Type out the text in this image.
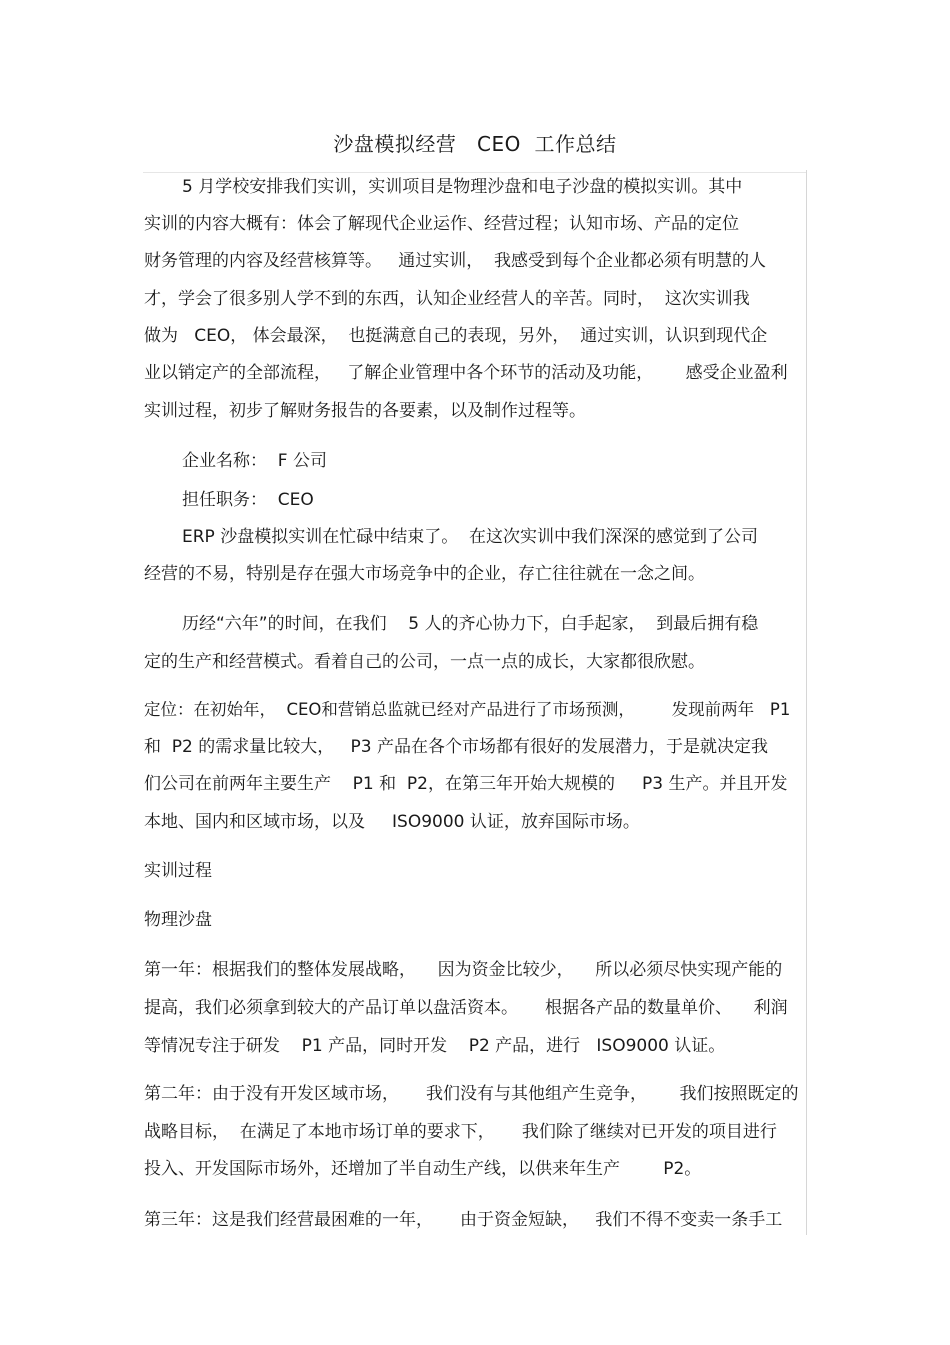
沙盘模拟经营   CEO  工作总结
5 月学校安排我们实训，实训项目是物理沙盘和电子沙盘的模拟实训。其中
实训的内容大概有：体会了解现代企业运作、经营过程；认知市场、产品的定位
财务管理的内容及经营核算等。   通过实训，  我感受到每个企业都必须有明慧的人
才，学会了很多别人学不到的东西，认知企业经营人的辛苦。同时，  这次实训我
做为   CEO， 体会最深，  也挺满意自己的表现，另外，  通过实训，认识到现代企
业以销定产的全部流程，   了解企业管理中各个环节的活动及功能，      感受企业盈利
实训过程，初步了解财务报告的各要素，以及制作过程等。
企业名称：  F 公司
担任职务：  CEO
ERP 沙盘模拟实训在忙碌中结束了。  在这次实训中我们深深的感觉到了公司
经营的不易，特别是存在强大市场竞争中的企业，存亡往往就在一念之间。
历经“六年”的时间，在我们    5 人的齐心协力下，白手起家，  到最后拥有稳
定的生产和经营模式。看着自己的公司，一点一点的成长，大家都很欣慰。
定位：在初始年，  CEO和营销总监就已经对产品进行了市场预测，       发现前两年   P1
和  P2 的需求量比较大，   P3 产品在各个市场都有很好的发展潜力，于是就决定我
们公司在前两年主要生产    P1 和  P2，在第三年开始大规模的     P3 生产。并且开发
本地、国内和区域市场，以及     ISO9000 认证，放弃国际市场。
实训过程
物理沙盘
第一年：根据我们的整体发展战略，    因为资金比较少，    所以必须尽快实现产能的
提高，我们必须拿到较大的产品订单以盘活资本。     根据各产品的数量单价、    利润
等情况专注于研发    P1 产品，同时开发    P2 产品，进行   ISO9000 认证。
第二年：由于没有开发区域市场，     我们没有与其他组产生竞争，      我们按照既定的
战略目标，  在满足了本地市场订单的要求下，     我们除了继续对已开发的项目进行
投入、开发国际市场外，还增加了半自动生产线，以供来年生产        P2。
第三年：这是我们经营最困难的一年，     由于资金短缺，   我们不得不变卖一条手工
